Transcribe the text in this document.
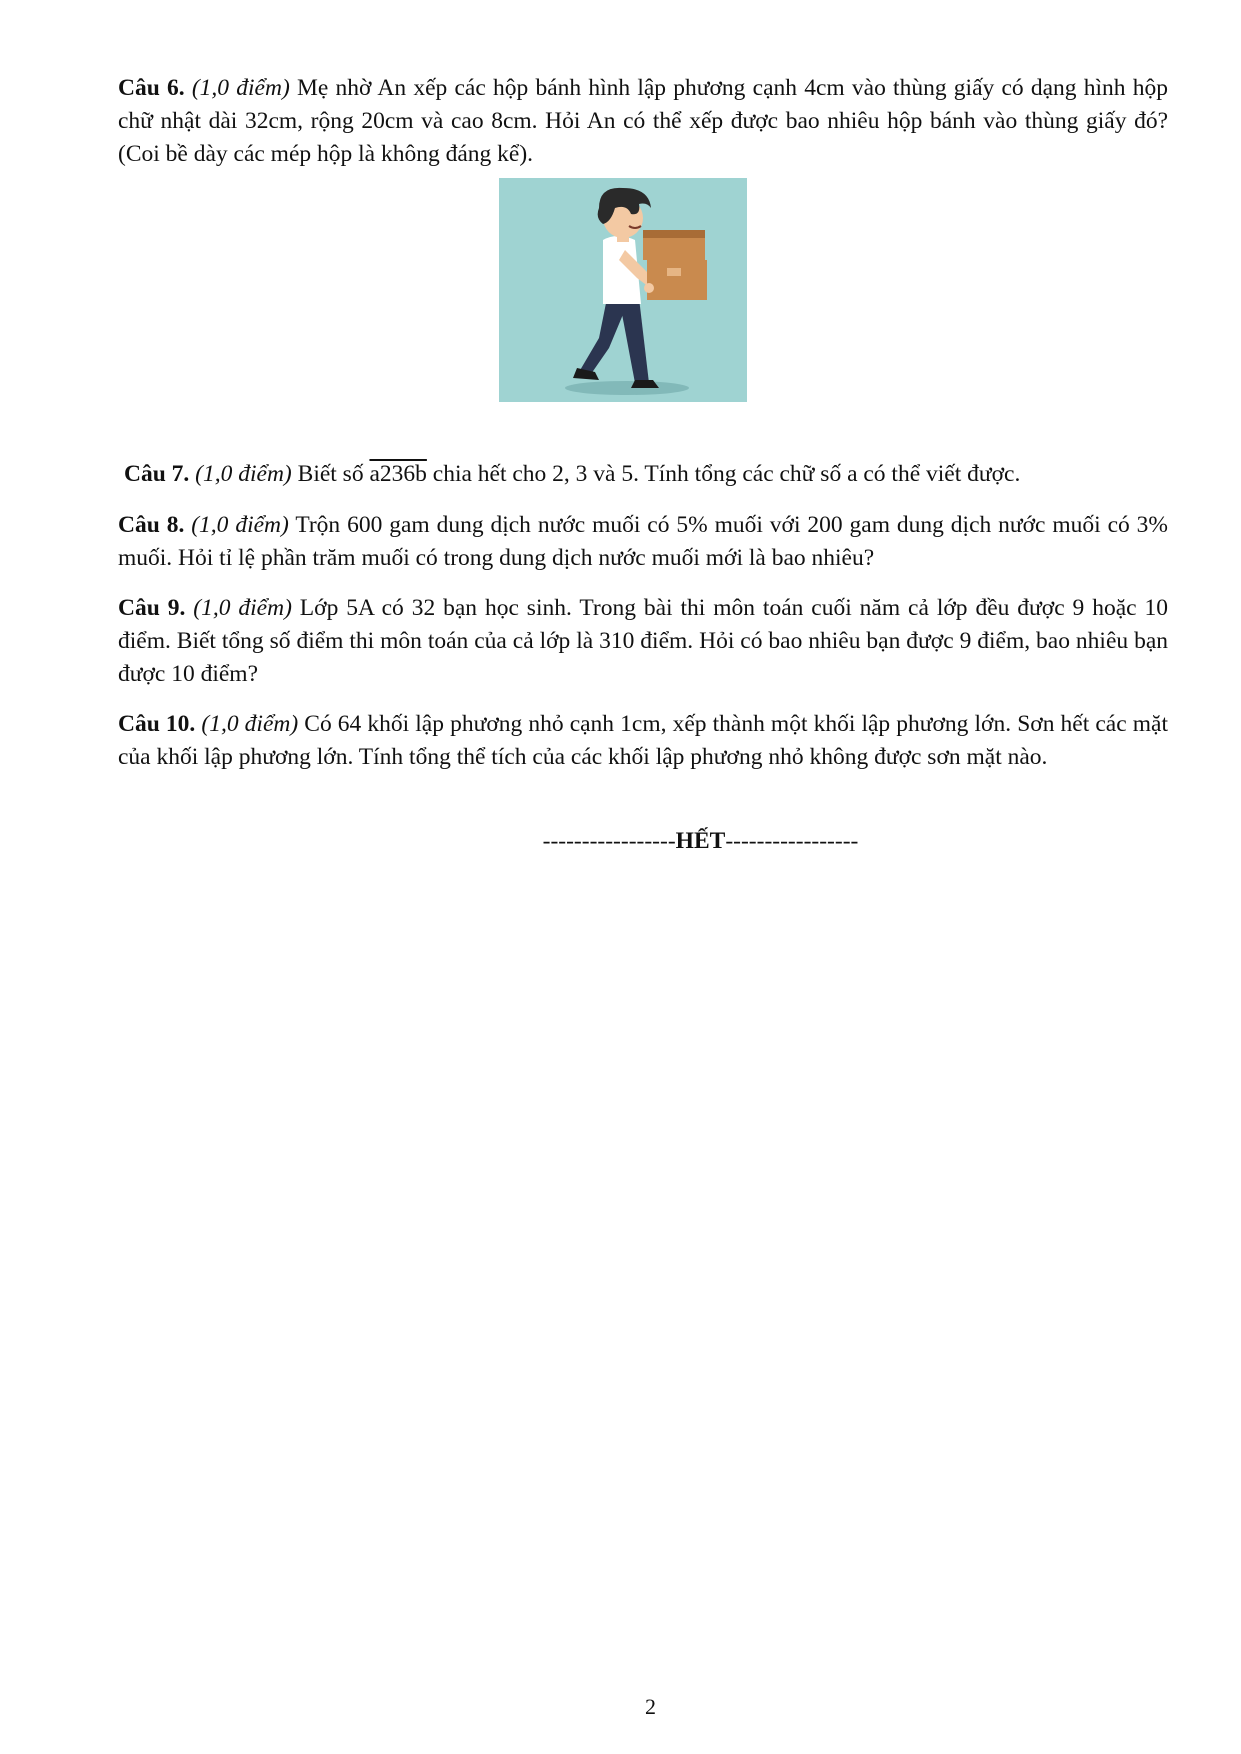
Câu 6. (1,0 điểm) Mẹ nhờ An xếp các hộp bánh hình lập phương cạnh 4cm vào thùng giấy có dạng hình hộp chữ nhật dài 32cm, rộng 20cm và cao 8cm. Hỏi An có thể xếp được bao nhiêu hộp bánh vào thùng giấy đó? (Coi bề dày các mép hộp là không đáng kể).
Câu 7. (1,0 điểm) Biết số a236b chia hết cho 2, 3 và 5. Tính tổng các chữ số a có thể viết được.
Câu 8. (1,0 điểm) Trộn 600 gam dung dịch nước muối có 5% muối với 200 gam dung dịch nước muối có 3% muối. Hỏi tỉ lệ phần trăm muối có trong dung dịch nước muối mới là bao nhiêu?
Câu 9. (1,0 điểm) Lớp 5A có 32 bạn học sinh. Trong bài thi môn toán cuối năm cả lớp đều được 9 hoặc 10 điểm. Biết tổng số điểm thi môn toán của cả lớp là 310 điểm. Hỏi có bao nhiêu bạn được 9 điểm, bao nhiêu bạn được 10 điểm?
Câu 10. (1,0 điểm) Có 64 khối lập phương nhỏ cạnh 1cm, xếp thành một khối lập phương lớn. Sơn hết các mặt của khối lập phương lớn. Tính tổng thể tích của các khối lập phương nhỏ không được sơn mặt nào.
-----------------HẾT-----------------
2
